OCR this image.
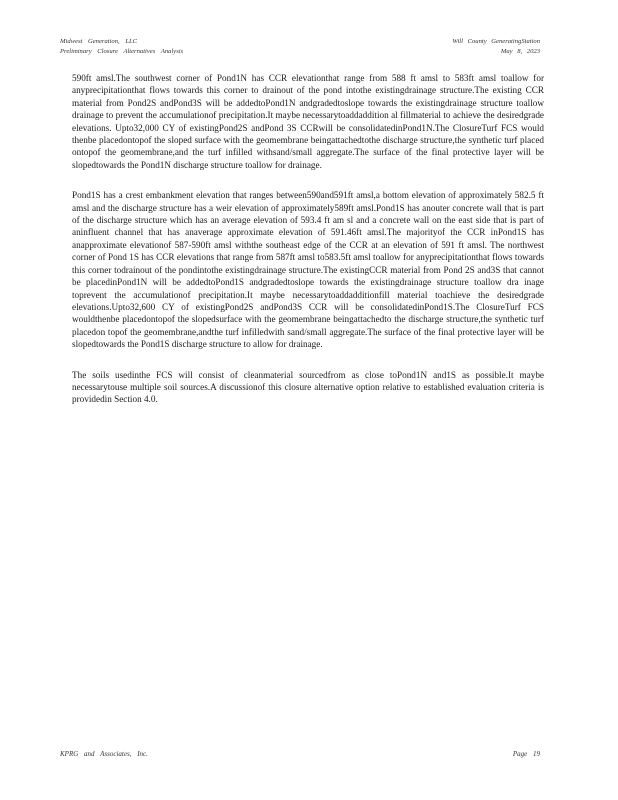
Midwest Generation, LLC
Preliminary Closure Alternatives Analysis
Will County GeneratingStation
May 8, 2023

590ft amsl.The southwest corner of Pond1N has CCR elevationthat range from 588 ft amsl to 583ft amsl toallow for anyprecipitationthat flows towards this corner to drainout of the pond intothe existingdrainage structure.The existing CCR material from Pond2S andPond3S will be addedtoPond1N andgradedtoslope towards the existingdrainage structure toallow drainage to prevent the accumulationof precipitation.It maybe necessarytoaddaddition al fillmaterial to achieve the desiredgrade elevations. Upto32,000 CY of existingPond2S andPond 3S CCRwill be consolidatedinPond1N.The ClosureTurf FCS would thenbe placedontopof the sloped surface with the geomembrane beingattachedtothe discharge structure,the synthetic turf placed ontopof the geomembrane,and the turf infilled withsand/small aggregate.The surface of the final protective layer will be slopedtowards the Pond1N discharge structure toallow for drainage.

Pond1S has a crest embankment elevation that ranges between590and591ft amsl,a bottom elevation of approximately 582.5 ft amsl and the discharge structure has a weir elevation of approximately589ft amsl.Pond1S has anouter concrete wall that is part of the discharge structure which has an average elevation of 593.4 ft am sl and a concrete wall on the east side that is part of aninfluent channel that has anaverage approximate elevation of 591.46ft amsl.The majorityof the CCR inPond1S has anapproximate elevationof 587-590ft amsl withthe southeast edge of the CCR at an elevation of 591 ft amsl. The northwest corner of Pond 1S has CCR elevations that range from 587ft amsl to583.5ft amsl toallow for anyprecipitationthat flows towards this corner todrainout of the pondintothe existingdrainage structure.The existingCCR material from Pond 2S and3S that cannot be placedinPond1N will be addedtoPond1S andgradedtoslope towards the existingdrainage structure toallow dra inage toprevent the accumulationof precipitation.It maybe necessarytoaddadditionfill material toachieve the desiredgrade elevations.Upto32,600 CY of existingPond2S andPond3S CCR will be consolidatedinPond1S.The ClosureTurf FCS wouldthenbe placedontopof the slopedsurface with the geomembrane beingattachedto the discharge structure,the synthetic turf placedon topof the geomembrane,andthe turf infilledwith sand/small aggregate.The surface of the final protective layer will be slopedtowards the Pond1S discharge structure to allow for drainage.

The soils usedinthe FCS will consist of cleanmaterial sourcedfrom as close toPond1N and1S as possible.It maybe necessarytouse multiple soil sources.A discussionof this closure alternative option relative to established evaluation criteria is providedin Section 4.0.

KPRG and Associates, Inc.	Page 19
